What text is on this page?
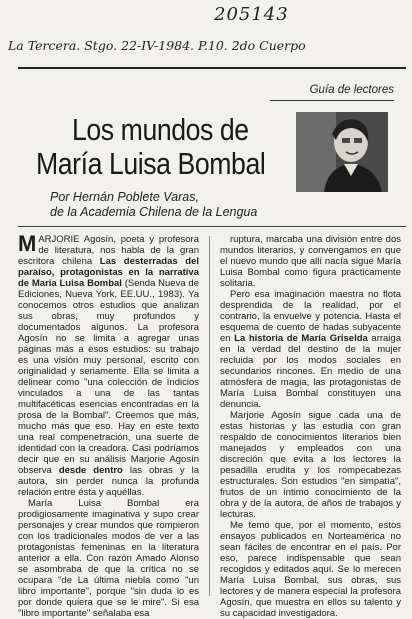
205143
La Tercera. Stgo. 22-IV-1984. P.10. 2do Cuerpo
Guía de lectores
Los mundos de
María Luisa Bombal
Por Hernán Poblete Varas,
de la Academia Chilena de la Lengua

MARJORIE Agosín, poeta y profesora de literatura, nos habla de la gran escritora chilena Las desterradas del paraíso, protagonistas en la narrativa de María Luisa Bombal (Senda Nueva de Ediciones, Nueva York, EE.UU., 1983). Ya conocemos otros estudios que analizan sus obras, muy profundos y documentados algunos. La profesora Agosín no se limita a agregar unas páginas más a esos estudios: su trabajo es una visión muy personal, escrito con originalidad y seriamente. Ella se limita a delinear como "una colección de índicios vinculados a una de las tantas multifacéticas esencias encontradas en la prosa de la Bombal". Creemos que más, mucho más que eso. Hay en este texto una real compenetración, una suerte de identidad con la creadora. Casi podríamos decir que en su análisis Marjorie Agosín observa desde dentro las obras y la autora, sin perder nunca la profunda relación entre ésta y aquéllas.

María Luisa Bombal era prodigiosamente imaginativa y supo crear personajes y crear mundos que rompieron con los tradicionales modos de ver a las protagonistas femeninas en la literatura anterior a ella. Con razón Amado Alonso se asombraba de que la crítica no se ocupara "de La última niebla como "un libro importante", porque "sin duda lo es por donde quiera que se le mire". Si esa "libro importante" señalaba esa

ruptura, marcaba una división entre dos mundos literarios, y convengamos en que el nuevo mundo que allí nacía sigue María Luisa Bombal como figura prácticamente solitaria.

Pero esa imaginación maestra no flota desprendida de la realidad, por el contrario, la envuelve y potencia. Hasta el esquema de cuento de hadas subyacente en La historia de María Griselda arraiga en la verdad del destino de la mujer recluida por los modos sociales en secundarios rincones. En medio de una atmósfera de magia, las protagonistas de María Luisa Bombal constituyen una denuncia.

Marjorie Agosín sigue cada una de estas historias y las estudia con gran respaldo de conocimientos literarios bien manejados y empleados con una discreción que evita a los lectores la pesadilla erudita y los rompecabezas estructurales. Son estudios "en simpatía", frutos de un íntimo conocimiento de la obra y de la autora, de años de trabajos y lecturas.

Me temo que, por el momento, estos ensayos publicados en Norteamérica no sean fáciles de encontrar en el país. Por eso, parece indispensable que sean recogidos y editados aquí. Se lo merecen María Luisa Bombal, sus obras, sus lectores y de manera especial la profesora Agosín, que muestra en ellos su talento y su capacidad investigadora.
